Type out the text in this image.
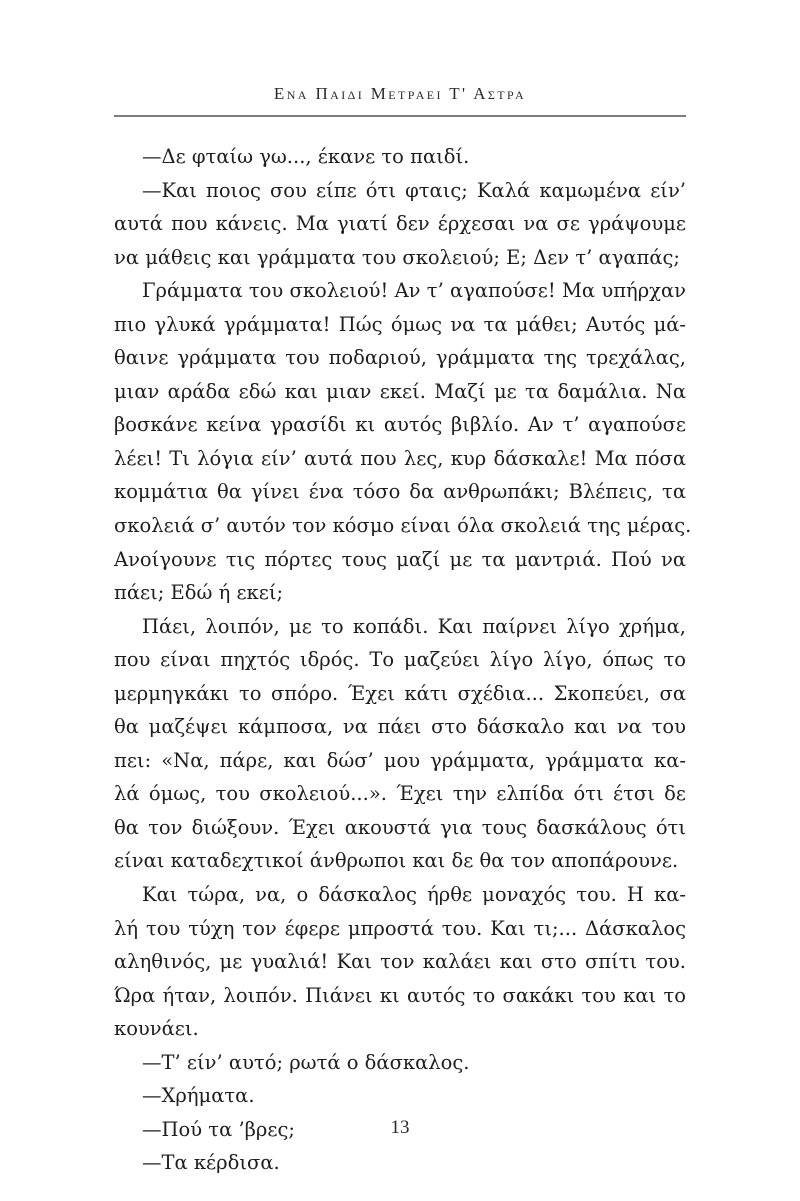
Ενα Παιδι Μετραει Τ' Αστρα
—Δε φταίω γω..., έκανε το παιδί.
—Και ποιος σου είπε ότι φταις; Καλά καμωμένα είν’
αυτά που κάνεις. Μα γιατί δεν έρχεσαι να σε γράψουμε
να μάθεις και γράμματα του σκολειού; Ε; Δεν τ’ αγαπάς;
Γράμματα του σκολειού! Αν τ’ αγαπούσε! Μα υπήρχαν
πιο γλυκά γράμματα! Πώς όμως να τα μάθει; Αυτός μά-
θαινε γράμματα του ποδαριού, γράμματα της τρεχάλας,
μιαν αράδα εδώ και μιαν εκεί. Μαζί με τα δαμάλια. Να
βοσκάνε κείνα γρασίδι κι αυτός βιβλίο. Αν τ’ αγαπούσε
λέει! Τι λόγια είν’ αυτά που λες, κυρ δάσκαλε! Μα πόσα
κομμάτια θα γίνει ένα τόσο δα ανθρωπάκι; Βλέπεις, τα
σκολειά σ’ αυτόν τον κόσμο είναι όλα σκολειά της μέρας.
Ανοίγουνε τις πόρτες τους μαζί με τα μαντριά. Πού να
πάει; Εδώ ή εκεί;
Πάει, λοιπόν, με το κοπάδι. Και παίρνει λίγο χρήμα,
που είναι πηχτός ιδρός. Το μαζεύει λίγο λίγο, όπως το
μερμηγκάκι το σπόρο. Έχει κάτι σχέδια... Σκοπεύει, σα
θα μαζέψει κάμποσα, να πάει στο δάσκαλο και να του
πει: «Να, πάρε, και δώσ’ μου γράμματα, γράμματα κα-
λά όμως, του σκολειού...». Έχει την ελπίδα ότι έτσι δε
θα τον διώξουν. Έχει ακουστά για τους δασκάλους ότι
είναι καταδεχτικοί άνθρωποι και δε θα τον αποπάρουνε.
Και τώρα, να, ο δάσκαλος ήρθε μοναχός του. Η κα-
λή του τύχη τον έφερε μπροστά του. Και τι;... Δάσκαλος
αληθινός, με γυαλιά! Και τον καλάει και στο σπίτι του.
Ώρα ήταν, λοιπόν. Πιάνει κι αυτός το σακάκι του και το
κουνάει.
—Τ’ είν’ αυτό; ρωτά ο δάσκαλος.
—Χρήματα.
—Πού τα ’βρες;
—Τα κέρδισα.
13
